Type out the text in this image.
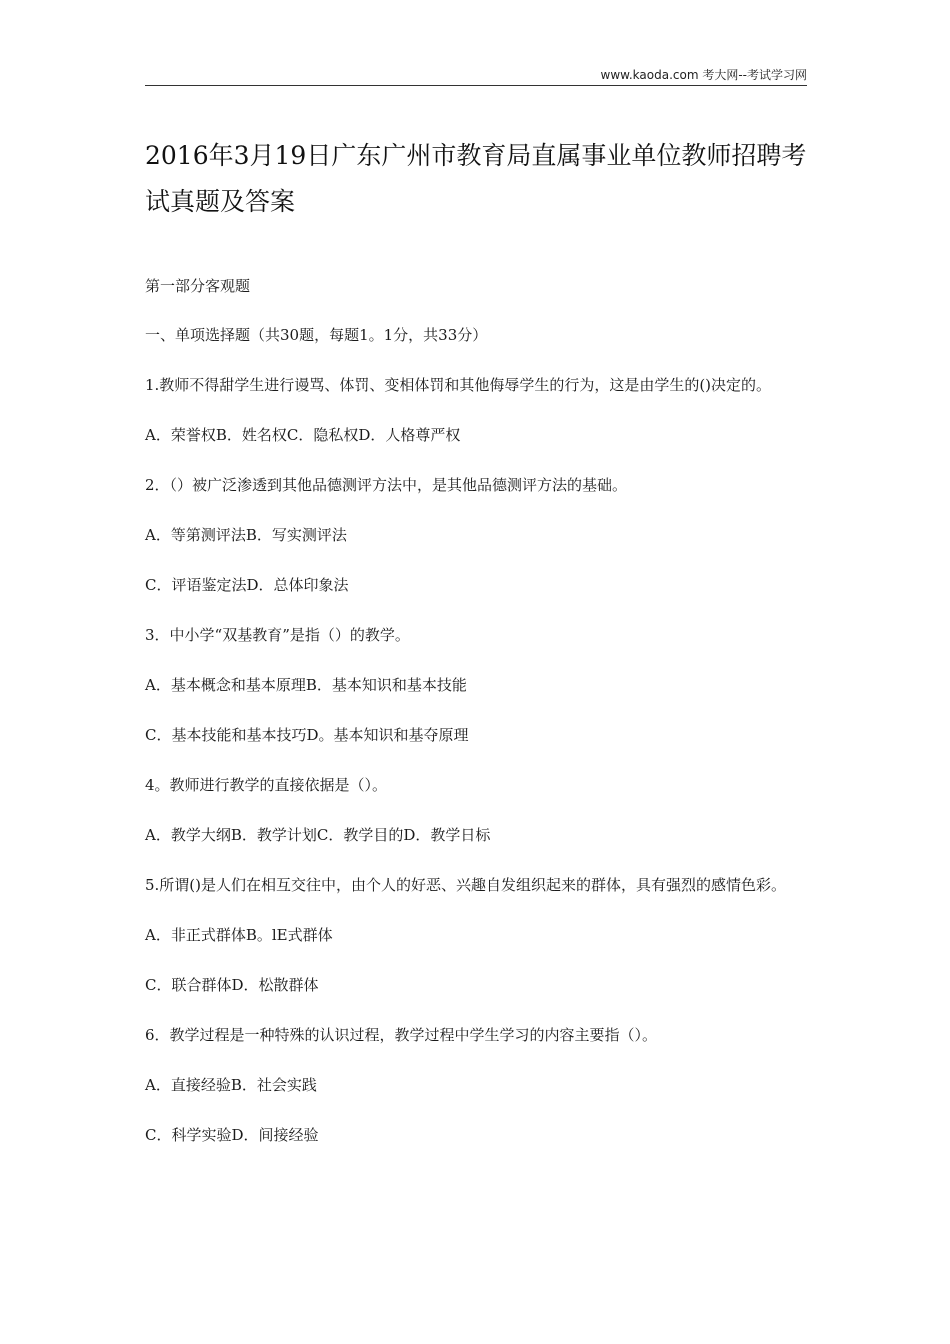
www.kaoda.com 考大网--考试学习网
2016年3月19日广东广州市教育局直属事业单位教师招聘考试真题及答案

第一部分客观题

一、单项选择题（共30题，每题1。1分，共33分）

1.教师不得甜学生进行谩骂、体罚、变相体罚和其他侮辱学生的行为，这是由学生的()决定的。

A．荣誉权B．姓名权C．隐私权D．人格尊严权

2．（）被广泛渗透到其他品德测评方法中，是其他品德测评方法的基础。

A．等第测评法B．写实测评法

C．评语鉴定法D．总体印象法

3．中小学“双基教育”是指（）的教学。

A．基本概念和基本原理B．基本知识和基本技能

C．基本技能和基本技巧D。基本知识和基夺原理

4。教师进行教学的直接依据是（）。

A．教学大纲B．教学计划C．教学目的D．教学日标

5.所谓()是人们在相互交往中，由个人的好恶、兴趣自发组织起来的群体，具有强烈的感情色彩。

A．非正式群体B。lE式群体

C．联合群体D．松散群体

6．教学过程是一种特殊的认识过程，教学过程中学生学习的内容主要指（）。

A．直接经验B．社会实践

C．科学实验D．间接经验
